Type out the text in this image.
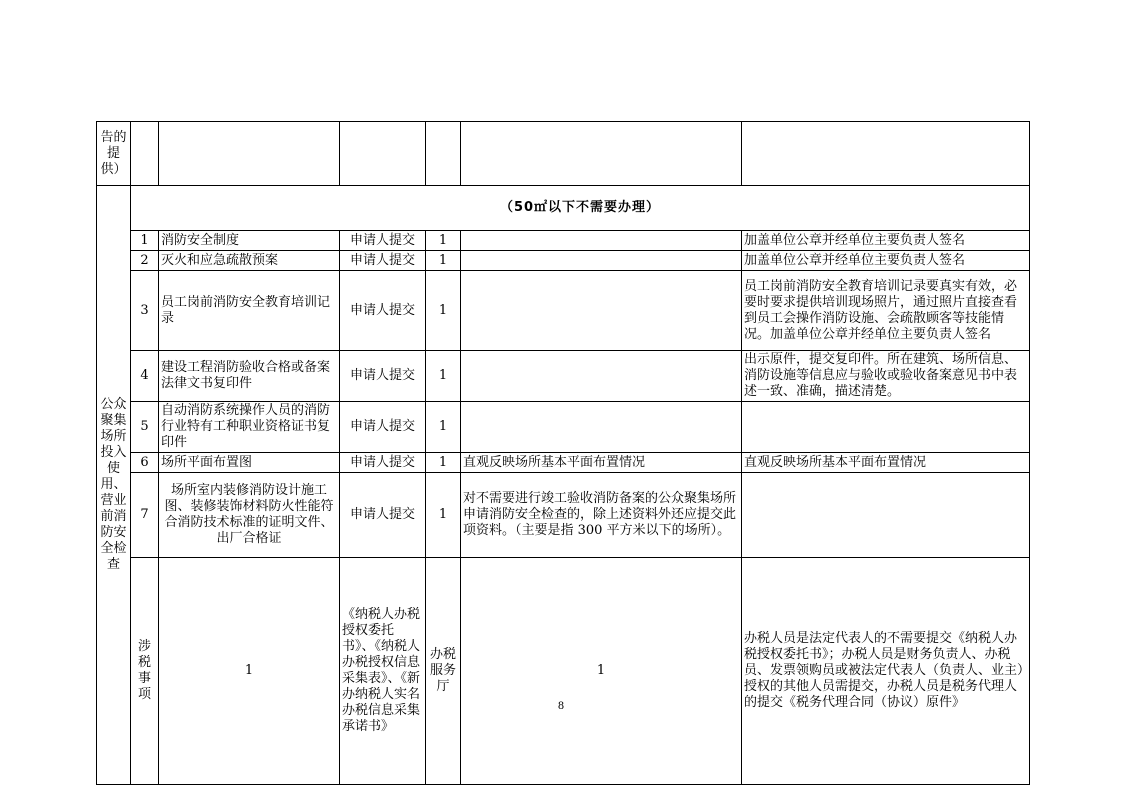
告的提供）							
公众聚集场所投入使用、营业前消防安全检查	（50㎡以下不需要办理）						
	1	消防安全制度	申请人提交	1		加盖单位公章并经单位主要负责人签名	
	2	灭火和应急疏散预案	申请人提交	1		加盖单位公章并经单位主要负责人签名	
	3	员工岗前消防安全教育培训记录	申请人提交	1		员工岗前消防安全教育培训记录要真实有效，必要时要求提供培训现场照片，通过照片直接查看到员工会操作消防设施、会疏散顾客等技能情况。加盖单位公章并经单位主要负责人签名	
	4	建设工程消防验收合格或备案法律文书复印件	申请人提交	1		出示原件，提交复印件。所在建筑、场所信息、消防设施等信息应与验收或验收备案意见书中表述一致、准确，描述清楚。	
	5	自动消防系统操作人员的消防行业特有工种职业资格证书复印件	申请人提交	1			
	6	场所平面布置图	申请人提交	1	直观反映场所基本平面布置情况	直观反映场所基本平面布置情况	
	7	场所室内装修消防设计施工图、装修装饰材料防火性能符合消防技术标准的证明文件、出厂合格证	申请人提交	1	对不需要进行竣工验收消防备案的公众聚集场所申请消防安全检查的，除上述资料外还应提交此项资料。（主要是指 300 平方米以下的场所）。		
	涉税事项	1	《纳税人办税授权委托书》、《纳税人办税授权信息采集表》、《新办纳税人实名办税信息采集承诺书》	办税服务厅	1	办税人员是法定代表人的不需要提交《纳税人办税授权委托书》；办税人员是财务负责人、办税员、发票领购员或被法定代表人（负责人、业主）授权的其他人员需提交，办税人员是税务代理人的提交《税务代理合同（协议）原件》	
8
